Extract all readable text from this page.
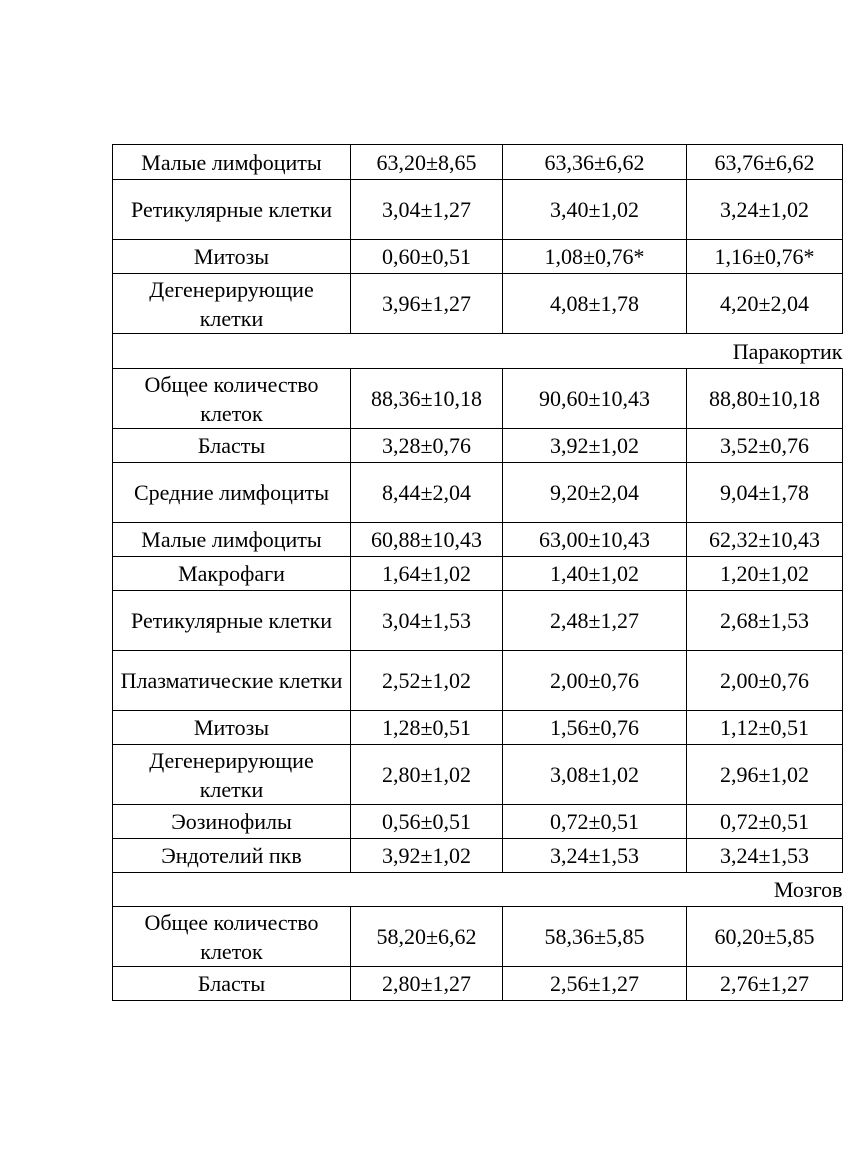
Малые лимфоциты	63,20±8,65	63,36±6,62	63,76±6,62
Ретикулярные клетки	3,04±1,27	3,40±1,02	3,24±1,02
Митозы	0,60±0,51	1,08±0,76*	1,16±0,76*
Дегенерирующие клетки	3,96±1,27	4,08±1,78	4,20±2,04
Паракортик			
Общее количество клеток	88,36±10,18	90,60±10,43	88,80±10,18
Бласты	3,28±0,76	3,92±1,02	3,52±0,76
Средние лимфоциты	8,44±2,04	9,20±2,04	9,04±1,78
Малые лимфоциты	60,88±10,43	63,00±10,43	62,32±10,43
Макрофаги	1,64±1,02	1,40±1,02	1,20±1,02
Ретикулярные клетки	3,04±1,53	2,48±1,27	2,68±1,53
Плазматические клетки	2,52±1,02	2,00±0,76	2,00±0,76
Митозы	1,28±0,51	1,56±0,76	1,12±0,51
Дегенерирующие клетки	2,80±1,02	3,08±1,02	2,96±1,02
Эозинофилы	0,56±0,51	0,72±0,51	0,72±0,51
Эндотелий пкв	3,92±1,02	3,24±1,53	3,24±1,53
Мозгов			
Общее количество клеток	58,20±6,62	58,36±5,85	60,20±5,85
Бласты	2,80±1,27	2,56±1,27	2,76±1,27
